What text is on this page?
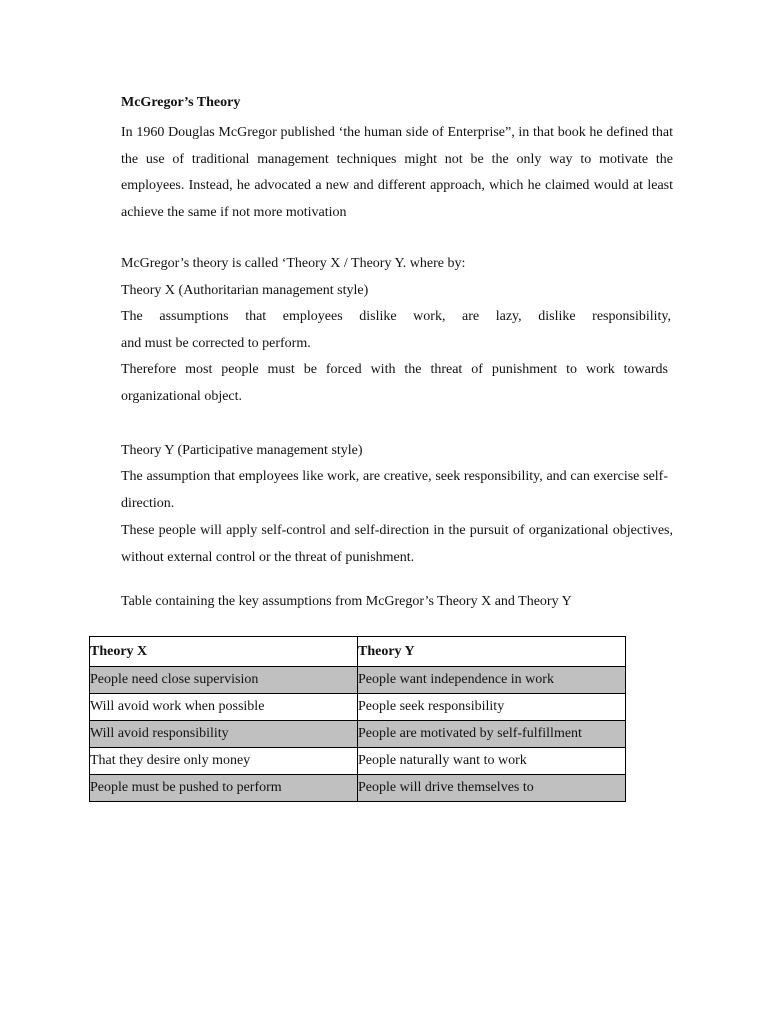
McGregor’s Theory
In 1960 Douglas McGregor published ‘the human side of Enterprise”, in that book he defined that the use of traditional management techniques might not be the only way to motivate the employees. Instead, he advocated a new and different approach, which he claimed would at least achieve the same if not more motivation
McGregor’s theory is called ‘Theory X / Theory Y. where by:
Theory X (Authoritarian management style)
The assumptions that employees dislike work, are lazy, dislike responsibility,
and must be corrected to perform.
Therefore most people must be forced with the threat of punishment to work towards organizational object.
Theory Y (Participative management style)
The assumption that employees like work, are creative, seek responsibility, and can exercise self-direction.
These people will apply self-control and self-direction in the pursuit of organizational objectives, without external control or the threat of punishment.
Table containing the key assumptions from McGregor’s Theory X and Theory Y
Theory X	Theory Y
People need close supervision	People want independence in work
Will avoid work when possible	People seek responsibility
Will avoid responsibility	People are motivated by self-fulfillment

That they desire only money	People naturally want to work
People must be pushed to perform	People will drive themselves to
